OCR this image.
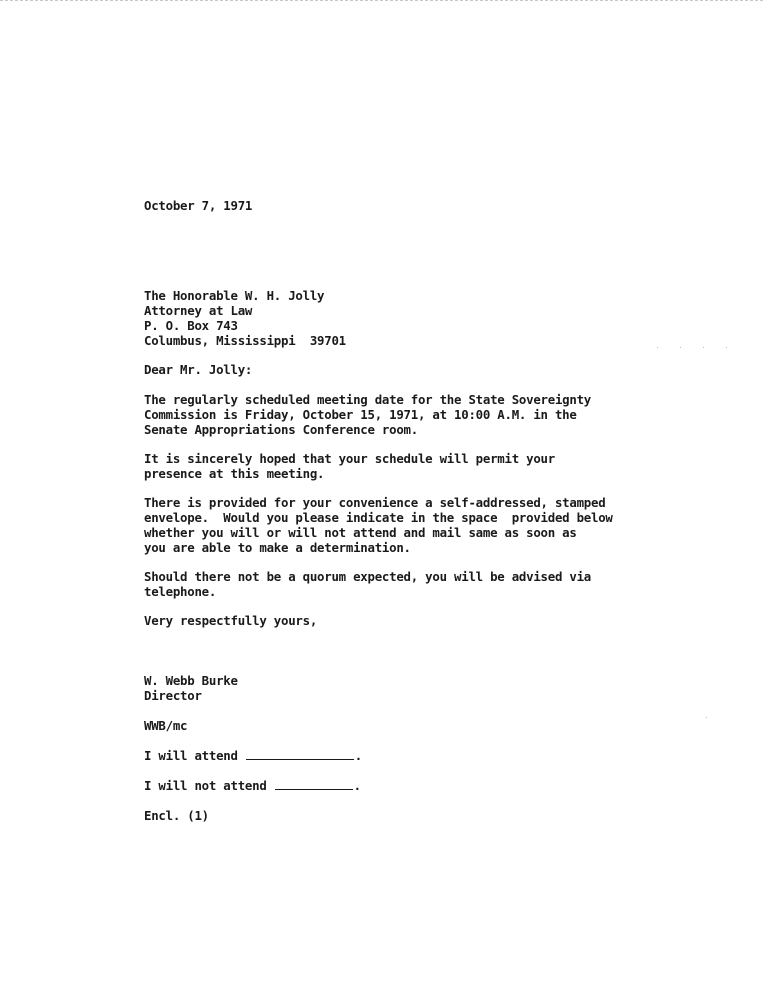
October 7, 1971
The Honorable W. H. Jolly
Attorney at Law
P. O. Box 743
Columbus, Mississippi  39701
Dear Mr. Jolly:
The regularly scheduled meeting date for the State Sovereignty
Commission is Friday, October 15, 1971, at 10:00 A.M. in the
Senate Appropriations Conference room.
It is sincerely hoped that your schedule will permit your
presence at this meeting.
There is provided for your convenience a self-addressed, stamped
envelope.  Would you please indicate in the space  provided below
whether you will or will not attend and mail same as soon as
you are able to make a determination.
Should there not be a quorum expected, you will be advised via
telephone.
Very respectfully yours,
W. Webb Burke
Director
WWB/mc
I will attend	.
I will not attend	.
Encl. (1)
